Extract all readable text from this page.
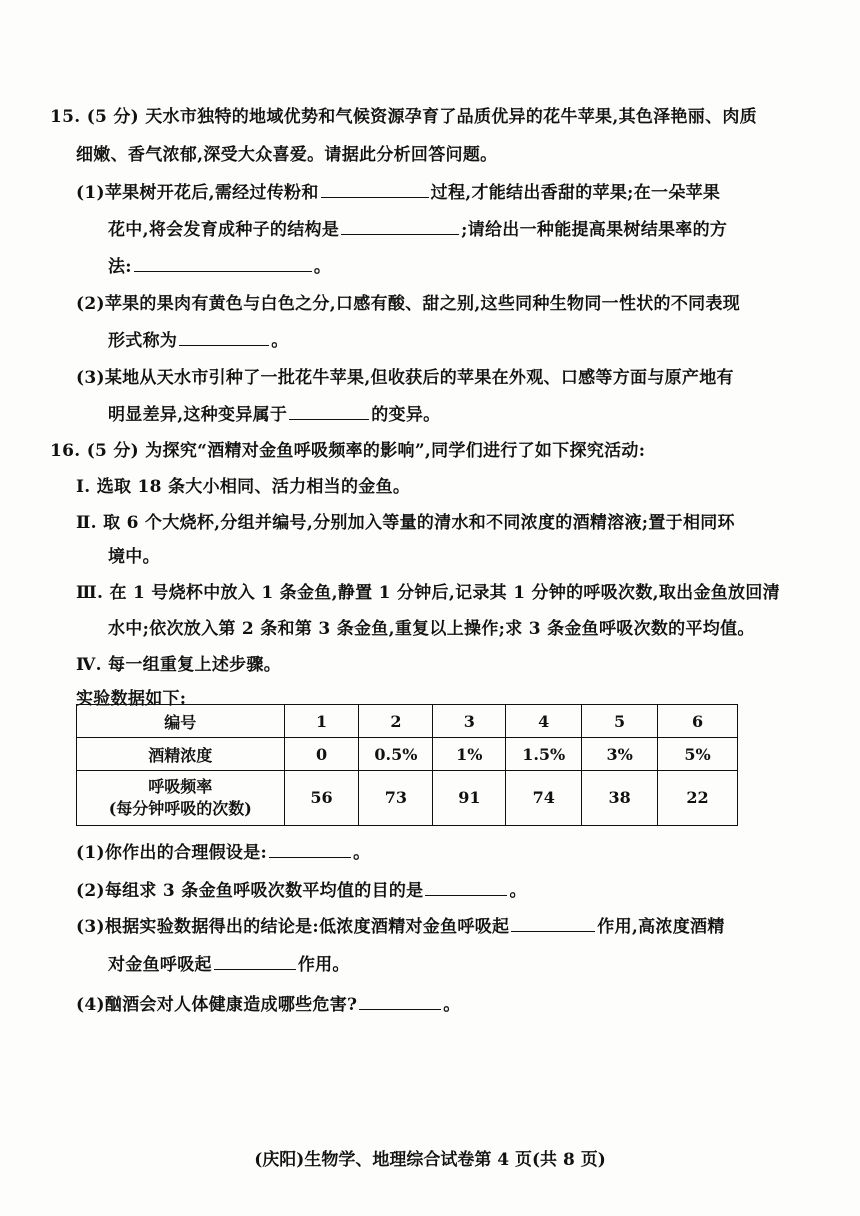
15. (5 分) 天水市独特的地域优势和气候资源孕育了品质优异的花牛苹果,其色泽艳丽、肉质
细嫩、香气浓郁,深受大众喜爱。请据此分析回答问题。
(1)苹果树开花后,需经过传粉和	过程,才能结出香甜的苹果;在一朵苹果
花中,将会发育成种子的结构是	;请给出一种能提高果树结果率的方
法:	。
(2)苹果的果肉有黄色与白色之分,口感有酸、甜之别,这些同种生物同一性状的不同表现
形式称为	。
(3)某地从天水市引种了一批花牛苹果,但收获后的苹果在外观、口感等方面与原产地有
明显差异,这种变异属于	的变异。
16. (5 分) 为探究“酒精对金鱼呼吸频率的影响”,同学们进行了如下探究活动:
Ⅰ. 选取 18 条大小相同、活力相当的金鱼。
Ⅱ. 取 6 个大烧杯,分组并编号,分别加入等量的清水和不同浓度的酒精溶液;置于相同环
境中。
Ⅲ. 在 1 号烧杯中放入 1 条金鱼,静置 1 分钟后,记录其 1 分钟的呼吸次数,取出金鱼放回清
水中;依次放入第 2 条和第 3 条金鱼,重复以上操作;求 3 条金鱼呼吸次数的平均值。
Ⅳ. 每一组重复上述步骤。
实验数据如下:
编号	1	2	3	4	5	6
酒精浓度	0	0.5%	1%	1.5%	3%	5%

呼吸频率
(每分钟呼吸的次数)	56	73	91	74	38	22
(1)你作出的合理假设是:	。
(2)每组求 3 条金鱼呼吸次数平均值的目的是	。
(3)根据实验数据得出的结论是:低浓度酒精对金鱼呼吸起	作用,高浓度酒精
对金鱼呼吸起	作用。
(4)酗酒会对人体健康造成哪些危害?	。
(庆阳)生物学、地理综合试卷第 4 页(共 8 页)
